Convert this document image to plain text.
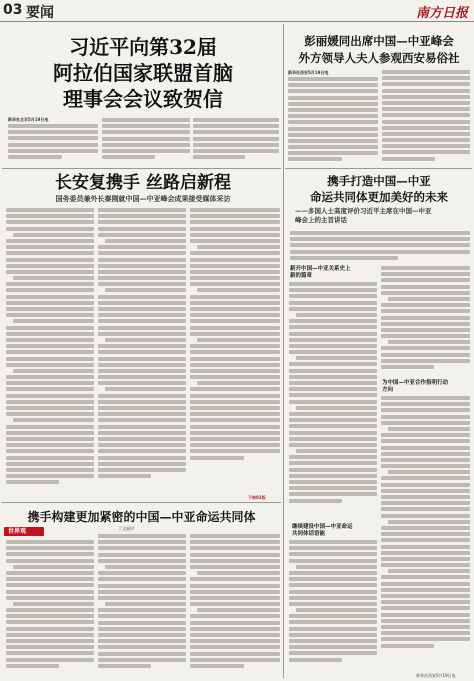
03 要闻	南方日报
习近平向第32届
阿拉伯国家联盟首脑
理事会会议致贺信
新华社北京5月19日电
彭丽媛同出席中国—中亚峰会
外方领导人夫人参观西安易俗社
新华社西安5月19日电
长安复携手 丝路启新程
国务委员兼外长秦刚就中国—中亚峰会成果接受媒体采访
下转03版
携手构建更加紧密的中国—中亚命运共同体
丁文丽评
世界观
携手打造中国—中亚
命运共同体更加美好的未来
——多国人士高度评价习近平主席在中国—中亚
峰会上的主旨讲话
新开中国—中亚关系史上
新的篇章
为中国—中亚合作指明行动
方向
继续建设中国—中亚命运
共同体话语能
新华社西安5月19日电
